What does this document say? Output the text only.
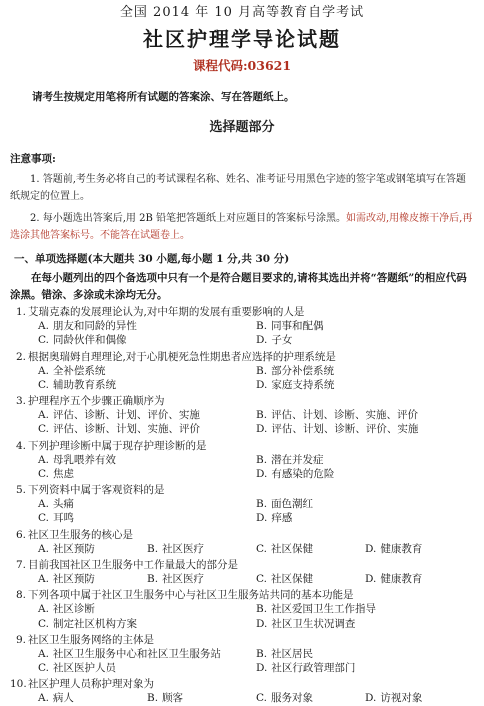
全国 2014 年 10 月高等教育自学考试
社区护理学导论试题
课程代码:03621
请考生按规定用笔将所有试题的答案涂、写在答题纸上。
选择题部分
注意事项:
1. 答题前,考生务必将自己的考试课程名称、姓名、准考证号用黑色字迹的签字笔或钢笔填写在答题纸规定的位置上。
2. 每小题选出答案后,用 2B 铅笔把答题纸上对应题目的答案标号涂黑。如需改动,用橡皮擦干净后,再选涂其他答案标号。不能答在试题卷上。
一、单项选择题(本大题共 30 小题,每小题 1 分,共 30 分)
在每小题列出的四个备选项中只有一个是符合题目要求的,请将其选出并将“答题纸”的相应代码涂黑。错涂、多涂或未涂均无分。
1. 艾瑞克森的发展理论认为,对中年期的发展有重要影响的人是
A. 朋友和同龄的异性	B. 同事和配偶
C. 同龄伙伴和偶像	D. 子女
2. 根据奥瑞姆自理理论,对于心肌梗死急性期患者应选择的护理系统是
A. 全补偿系统	B. 部分补偿系统
C. 辅助教育系统	D. 家庭支持系统
3. 护理程序五个步骤正确顺序为
A. 评估、诊断、计划、评价、实施	B. 评估、计划、诊断、实施、评价
C. 评估、诊断、计划、实施、评价	D. 评估、计划、诊断、评价、实施
4. 下列护理诊断中属于现存护理诊断的是
A. 母乳喂养有效	B. 潜在并发症
C. 焦虑	D. 有感染的危险
5. 下列资料中属于客观资料的是
A. 头痛	B. 面色潮红
C. 耳鸣	D. 痒感
6. 社区卫生服务的核心是
A. 社区预防	B. 社区医疗	C. 社区保健	D. 健康教育
7. 目前我国社区卫生服务中工作量最大的部分是
A. 社区预防	B. 社区医疗	C. 社区保健	D. 健康教育
8. 下列各项中属于社区卫生服务中心与社区卫生服务站共同的基本功能是
A. 社区诊断	B. 社区爱国卫生工作指导
C. 制定社区机构方案	D. 社区卫生状况调查
9. 社区卫生服务网络的主体是
A. 社区卫生服务中心和社区卫生服务站	B. 社区居民
C. 社区医护人员	D. 社区行政管理部门
10. 社区护理人员称护理对象为
A. 病人	B. 顾客	C. 服务对象	D. 访视对象
